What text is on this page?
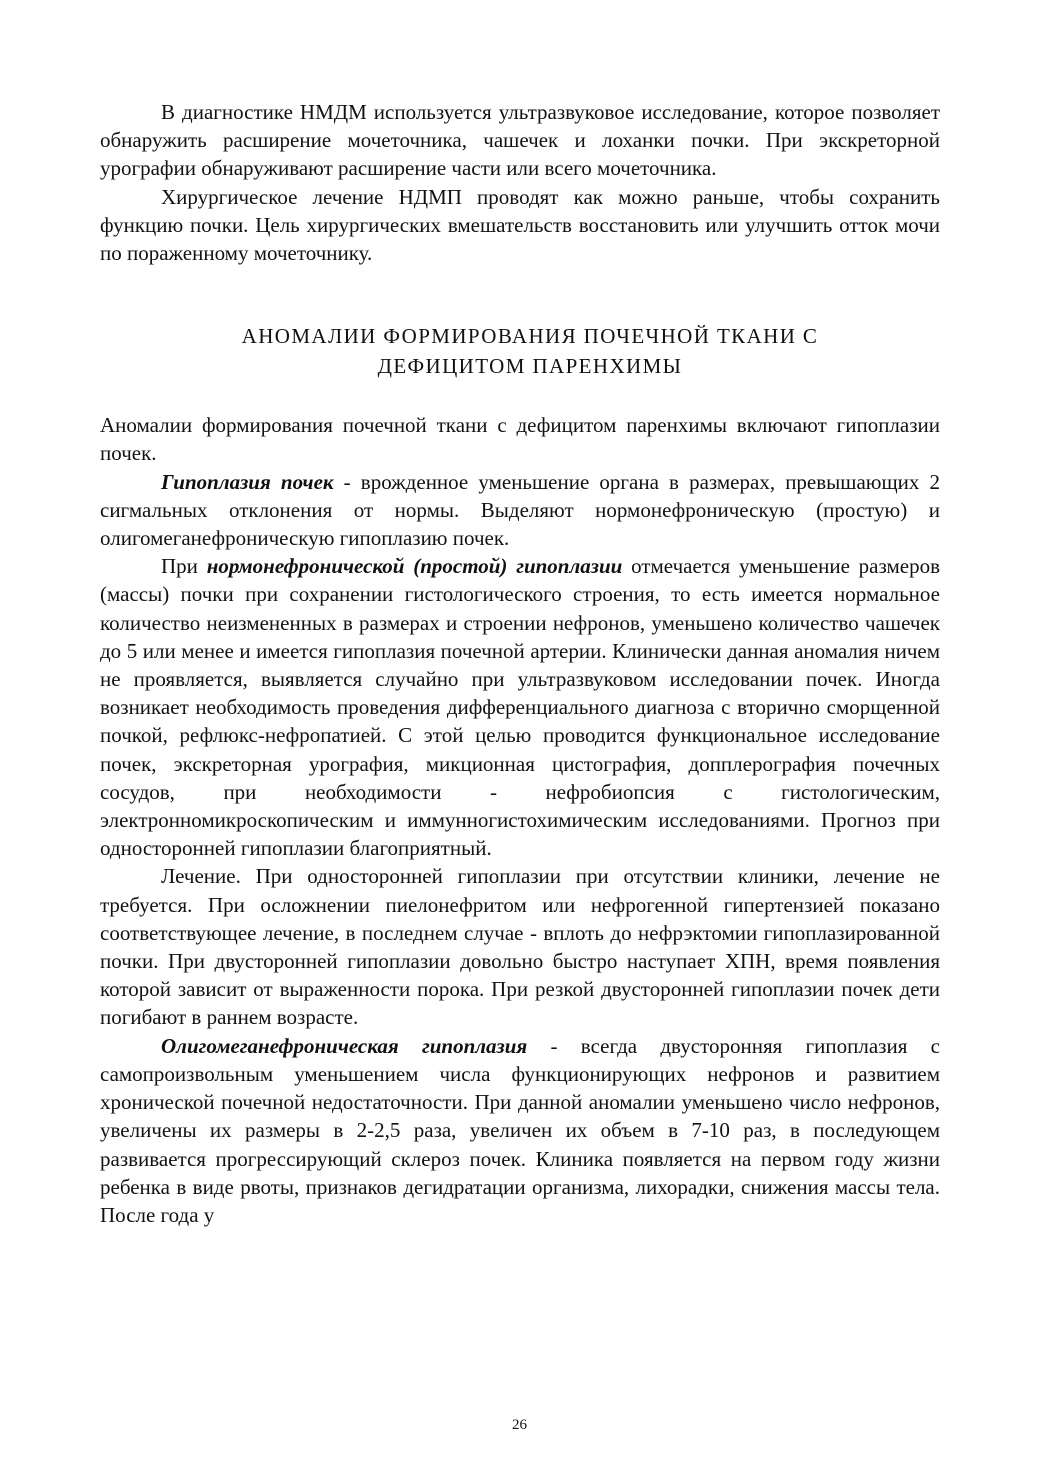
В диагностике НМДМ используется ультразвуковое исследование, которое позволяет обнаружить расширение мочеточника, чашечек и лоханки почки. При экскреторной урографии обнаруживают расширение части или всего мочеточника.

Хирургическое лечение НДМП проводят как можно раньше, чтобы сохранить функцию почки. Цель хирургических вмешательств восстановить или улучшить отток мочи по пораженному мочеточнику.

АНОМАЛИИ ФОРМИРОВАНИЯ ПОЧЕЧНОЙ ТКАНИ С
ДЕФИЦИТОМ ПАРЕНХИМЫ

Аномалии формирования почечной ткани с дефицитом паренхимы включают гипоплазии почек.

Гипоплазия почек - врожденное уменьшение органа в размерах, превышающих 2 сигмальных отклонения от нормы. Выделяют нормонефроническую (простую) и олигомеганефроническую гипоплазию почек.

При нормонефронической (простой) гипоплазии отмечается уменьшение размеров (массы) почки при сохранении гистологического строения, то есть имеется нормальное количество неизмененных в размерах и строении нефронов, уменьшено количество чашечек до 5 или менее и имеется гипоплазия почечной артерии. Клинически данная аномалия ничем не проявляется, выявляется случайно при ультразвуковом исследовании почек. Иногда возникает необходимость проведения дифференциального диагноза с вторично сморщенной почкой, рефлюкс-нефропатией. С этой целью проводится функциональное исследование почек, экскреторная урография, микционная цистография, допплерография почечных сосудов, при необходимости - нефробиопсия с гистологическим, электронномикроскопическим и иммунногистохимическим исследованиями. Прогноз при односторонней гипоплазии благоприятный.

Лечение. При односторонней гипоплазии при отсутствии клиники, лечение не требуется. При осложнении пиелонефритом или нефрогенной гипертензией показано соответствующее лечение, в последнем случае - вплоть до нефрэктомии гипоплазированной почки. При двусторонней гипоплазии довольно быстро наступает ХПН, время появления которой зависит от выраженности порока. При резкой двусторонней гипоплазии почек дети погибают в раннем возрасте.

Олигомеганефроническая гипоплазия - всегда двусторонняя гипоплазия с самопроизвольным уменьшением числа функционирующих нефронов и развитием хронической почечной недостаточности. При данной аномалии уменьшено число нефронов, увеличены их размеры в 2-2,5 раза, увеличен их объем в 7-10 раз, в последующем развивается прогрессирующий склероз почек. Клиника появляется на первом году жизни ребенка в виде рвоты, признаков дегидратации организма, лихорадки, снижения массы тела. После года у

26
